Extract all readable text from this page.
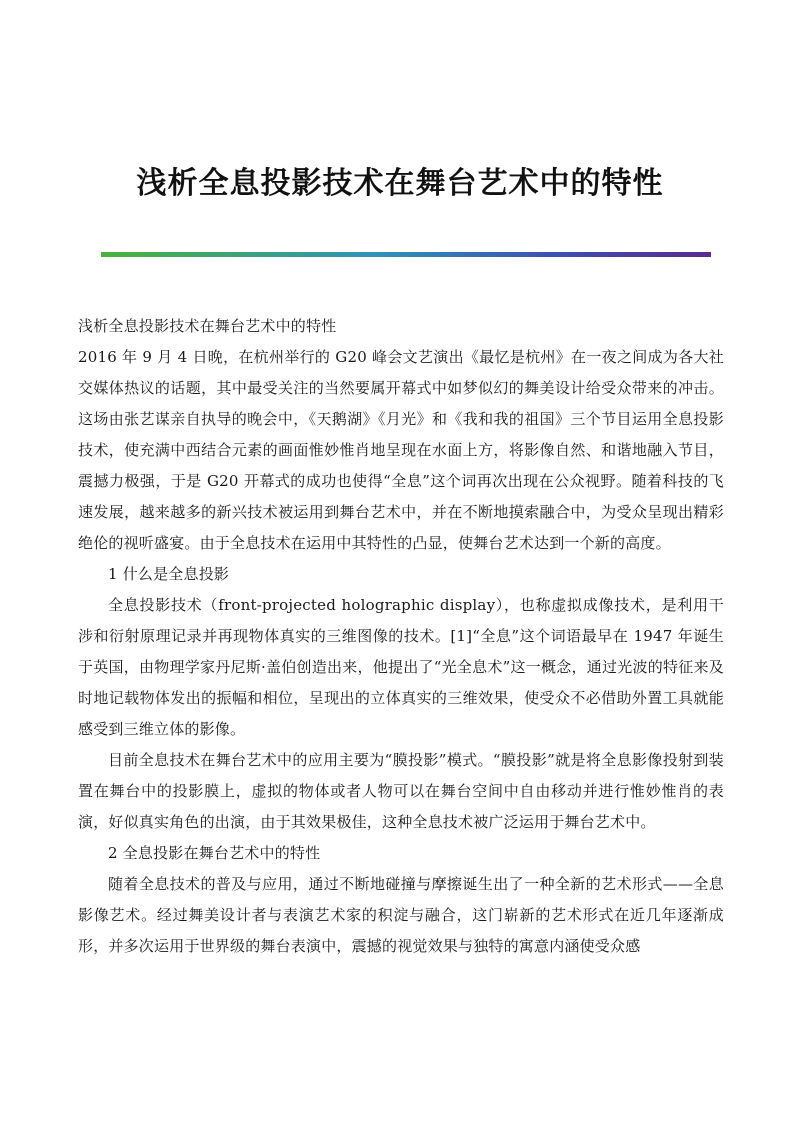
浅析全息投影技术在舞台艺术中的特性

浅析全息投影技术在舞台艺术中的特性

2016 年 9 月 4 日晚，在杭州举行的 G20 峰会文艺演出《最忆是杭州》在一夜之间成为各大社交媒体热议的话题，其中最受关注的当然要属开幕式中如梦似幻的舞美设计给受众带来的冲击。这场由张艺谋亲自执导的晚会中，《天鹅湖》《月光》和《我和我的祖国》三个节目运用全息投影技术，使充满中西结合元素的画面惟妙惟肖地呈现在水面上方，将影像自然、和谐地融入节目，震撼力极强，于是 G20 开幕式的成功也使得“全息”这个词再次出现在公众视野。随着科技的飞速发展，越来越多的新兴技术被运用到舞台艺术中，并在不断地摸索融合中，为受众呈现出精彩绝伦的视听盛宴。由于全息技术在运用中其特性的凸显，使舞台艺术达到一个新的高度。

1 什么是全息投影

全息投影技术（front-projected holographic display），也称虚拟成像技术，是利用干涉和衍射原理记录并再现物体真实的三维图像的技术。[1]“全息”这个词语最早在 1947 年诞生于英国，由物理学家丹尼斯·盖伯创造出来，他提出了“光全息术”这一概念，通过光波的特征来及时地记载物体发出的振幅和相位，呈现出的立体真实的三维效果，使受众不必借助外置工具就能感受到三维立体的影像。

目前全息技术在舞台艺术中的应用主要为“膜投影”模式。“膜投影”就是将全息影像投射到装置在舞台中的投影膜上，虚拟的物体或者人物可以在舞台空间中自由移动并进行惟妙惟肖的表演，好似真实角色的出演，由于其效果极佳，这种全息技术被广泛运用于舞台艺术中。

2 全息投影在舞台艺术中的特性

随着全息技术的普及与应用，通过不断地碰撞与摩擦诞生出了一种全新的艺术形式——全息影像艺术。经过舞美设计者与表演艺术家的积淀与融合，这门崭新的艺术形式在近几年逐渐成形，并多次运用于世界级的舞台表演中，震撼的视觉效果与独特的寓意内涵使受众感
